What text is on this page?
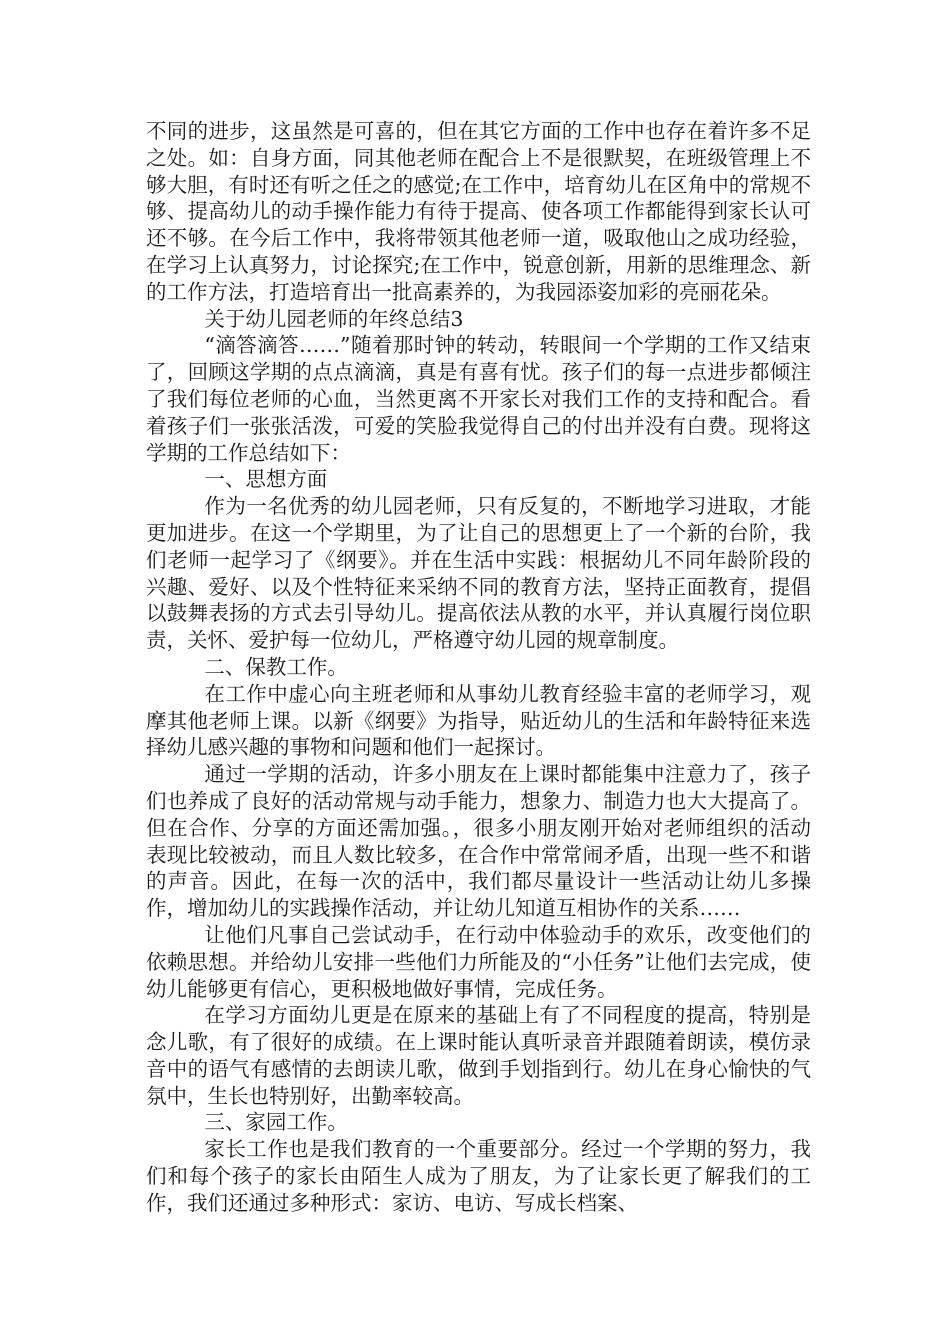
不同的进步，这虽然是可喜的，但在其它方面的工作中也存在着许多不足之处。如：自身方面，同其他老师在配合上不是很默契，在班级管理上不够大胆，有时还有听之任之的感觉;在工作中，培育幼儿在区角中的常规不够、提高幼儿的动手操作能力有待于提高、使各项工作都能得到家长认可还不够。在今后工作中，我将带领其他老师一道，吸取他山之成功经验，在学习上认真努力，讨论探究;在工作中，锐意创新，用新的思维理念、新的工作方法，打造培育出一批高素养的，为我园添姿加彩的亮丽花朵。

关于幼儿园老师的年终总结3

“滴答滴答……”随着那时钟的转动，转眼间一个学期的工作又结束了，回顾这学期的点点滴滴，真是有喜有忧。孩子们的每一点进步都倾注了我们每位老师的心血，当然更离不开家长对我们工作的支持和配合。看着孩子们一张张活泼，可爱的笑脸我觉得自己的付出并没有白费。现将这学期的工作总结如下：

一、思想方面

作为一名优秀的幼儿园老师，只有反复的，不断地学习进取，才能更加进步。在这一个学期里，为了让自己的思想更上了一个新的台阶，我们老师一起学习了《纲要》。并在生活中实践：根据幼儿不同年龄阶段的兴趣、爱好、以及个性特征来采纳不同的教育方法，坚持正面教育，提倡以鼓舞表扬的方式去引导幼儿。提高依法从教的水平，并认真履行岗位职责，关怀、爱护每一位幼儿，严格遵守幼儿园的规章制度。

二、保教工作。

在工作中虚心向主班老师和从事幼儿教育经验丰富的老师学习，观摩其他老师上课。以新《纲要》为指导，贴近幼儿的生活和年龄特征来选择幼儿感兴趣的事物和问题和他们一起探讨。

通过一学期的活动，许多小朋友在上课时都能集中注意力了，孩子们也养成了良好的活动常规与动手能力，想象力、制造力也大大提高了。但在合作、分享的方面还需加强。，很多小朋友刚开始对老师组织的活动表现比较被动，而且人数比较多，在合作中常常闹矛盾，出现一些不和谐的声音。因此，在每一次的活中，我们都尽量设计一些活动让幼儿多操作，增加幼儿的实践操作活动，并让幼儿知道互相协作的关系……

让他们凡事自己尝试动手，在行动中体验动手的欢乐，改变他们的依赖思想。并给幼儿安排一些他们力所能及的“小任务”让他们去完成，使幼儿能够更有信心，更积极地做好事情，完成任务。

在学习方面幼儿更是在原来的基础上有了不同程度的提高，特别是念儿歌，有了很好的成绩。在上课时能认真听录音并跟随着朗读，模仿录音中的语气有感情的去朗读儿歌，做到手划指到行。幼儿在身心愉快的气氛中，生长也特别好，出勤率较高。

三、家园工作。

家长工作也是我们教育的一个重要部分。经过一个学期的努力，我们和每个孩子的家长由陌生人成为了朋友，为了让家长更了解我们的工作，我们还通过多种形式：家访、电访、写成长档案、
